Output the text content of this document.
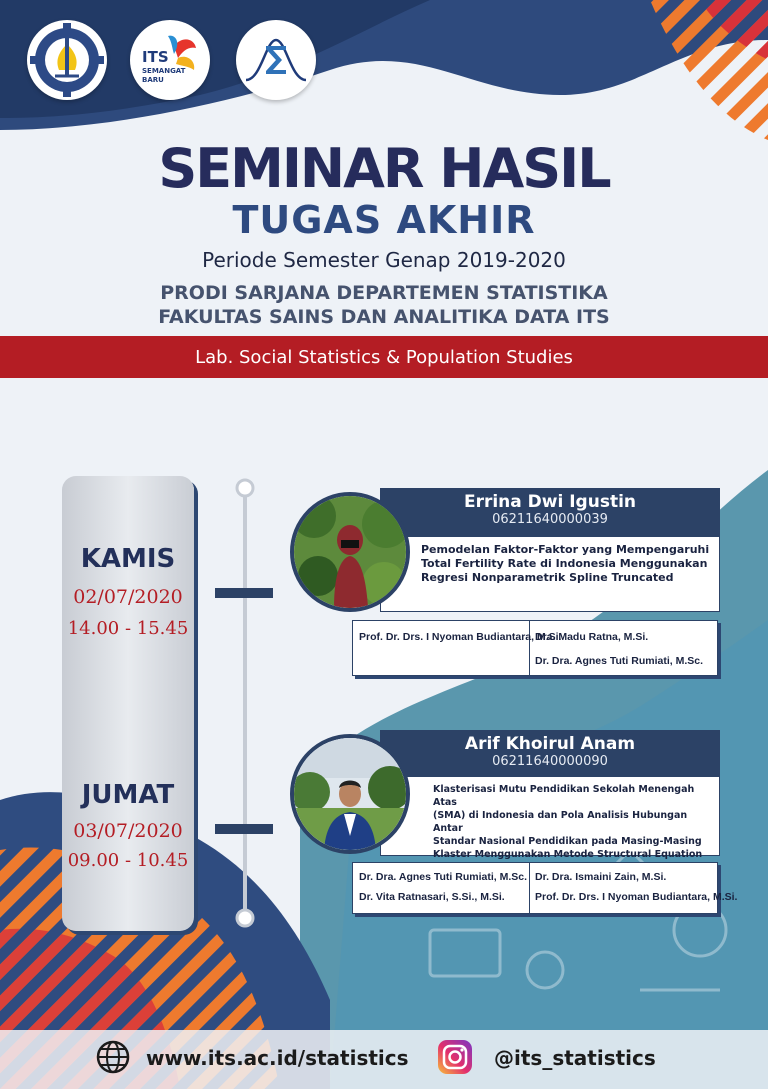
ITS
SEMANGAT
BARU
SEMINAR HASIL
TUGAS AKHIR
Periode Semester Genap 2019-2020
PRODI SARJANA DEPARTEMEN STATISTIKA
FAKULTAS SAINS DAN ANALITIKA DATA ITS
Lab. Social Statistics & Population Studies
KAMIS
02/07/2020
14.00 - 15.45
JUMAT
03/07/2020
09.00 - 10.45
Errina Dwi Igustin
06211640000039

Pemodelan Faktor-Faktor yang Mempengaruhi

Total Fertility Rate di Indonesia Menggunakan

Regresi Nonparametrik Spline Truncated

Prof. Dr. Drs. I Nyoman Budiantara, M.Si.
Dra. Madu Ratna, M.Si.
Dr. Dra. Agnes Tuti Rumiati, M.Sc.
Arif Khoirul Anam
06211640000090

Klasterisasi Mutu Pendidikan Sekolah Menengah Atas

(SMA) di Indonesia dan Pola Analisis Hubungan Antar

Standar Nasional Pendidikan pada Masing-Masing

Klaster Menggunakan Metode Structural Equation

Dr. Dra. Agnes Tuti Rumiati, M.Sc.
Dr. Vita Ratnasari, S.Si., M.Si.
Dr. Dra. Ismaini Zain, M.Si.
Prof. Dr. Drs. I Nyoman Budiantara, M.Si.
www.its.ac.id/statistics	@its_statistics
